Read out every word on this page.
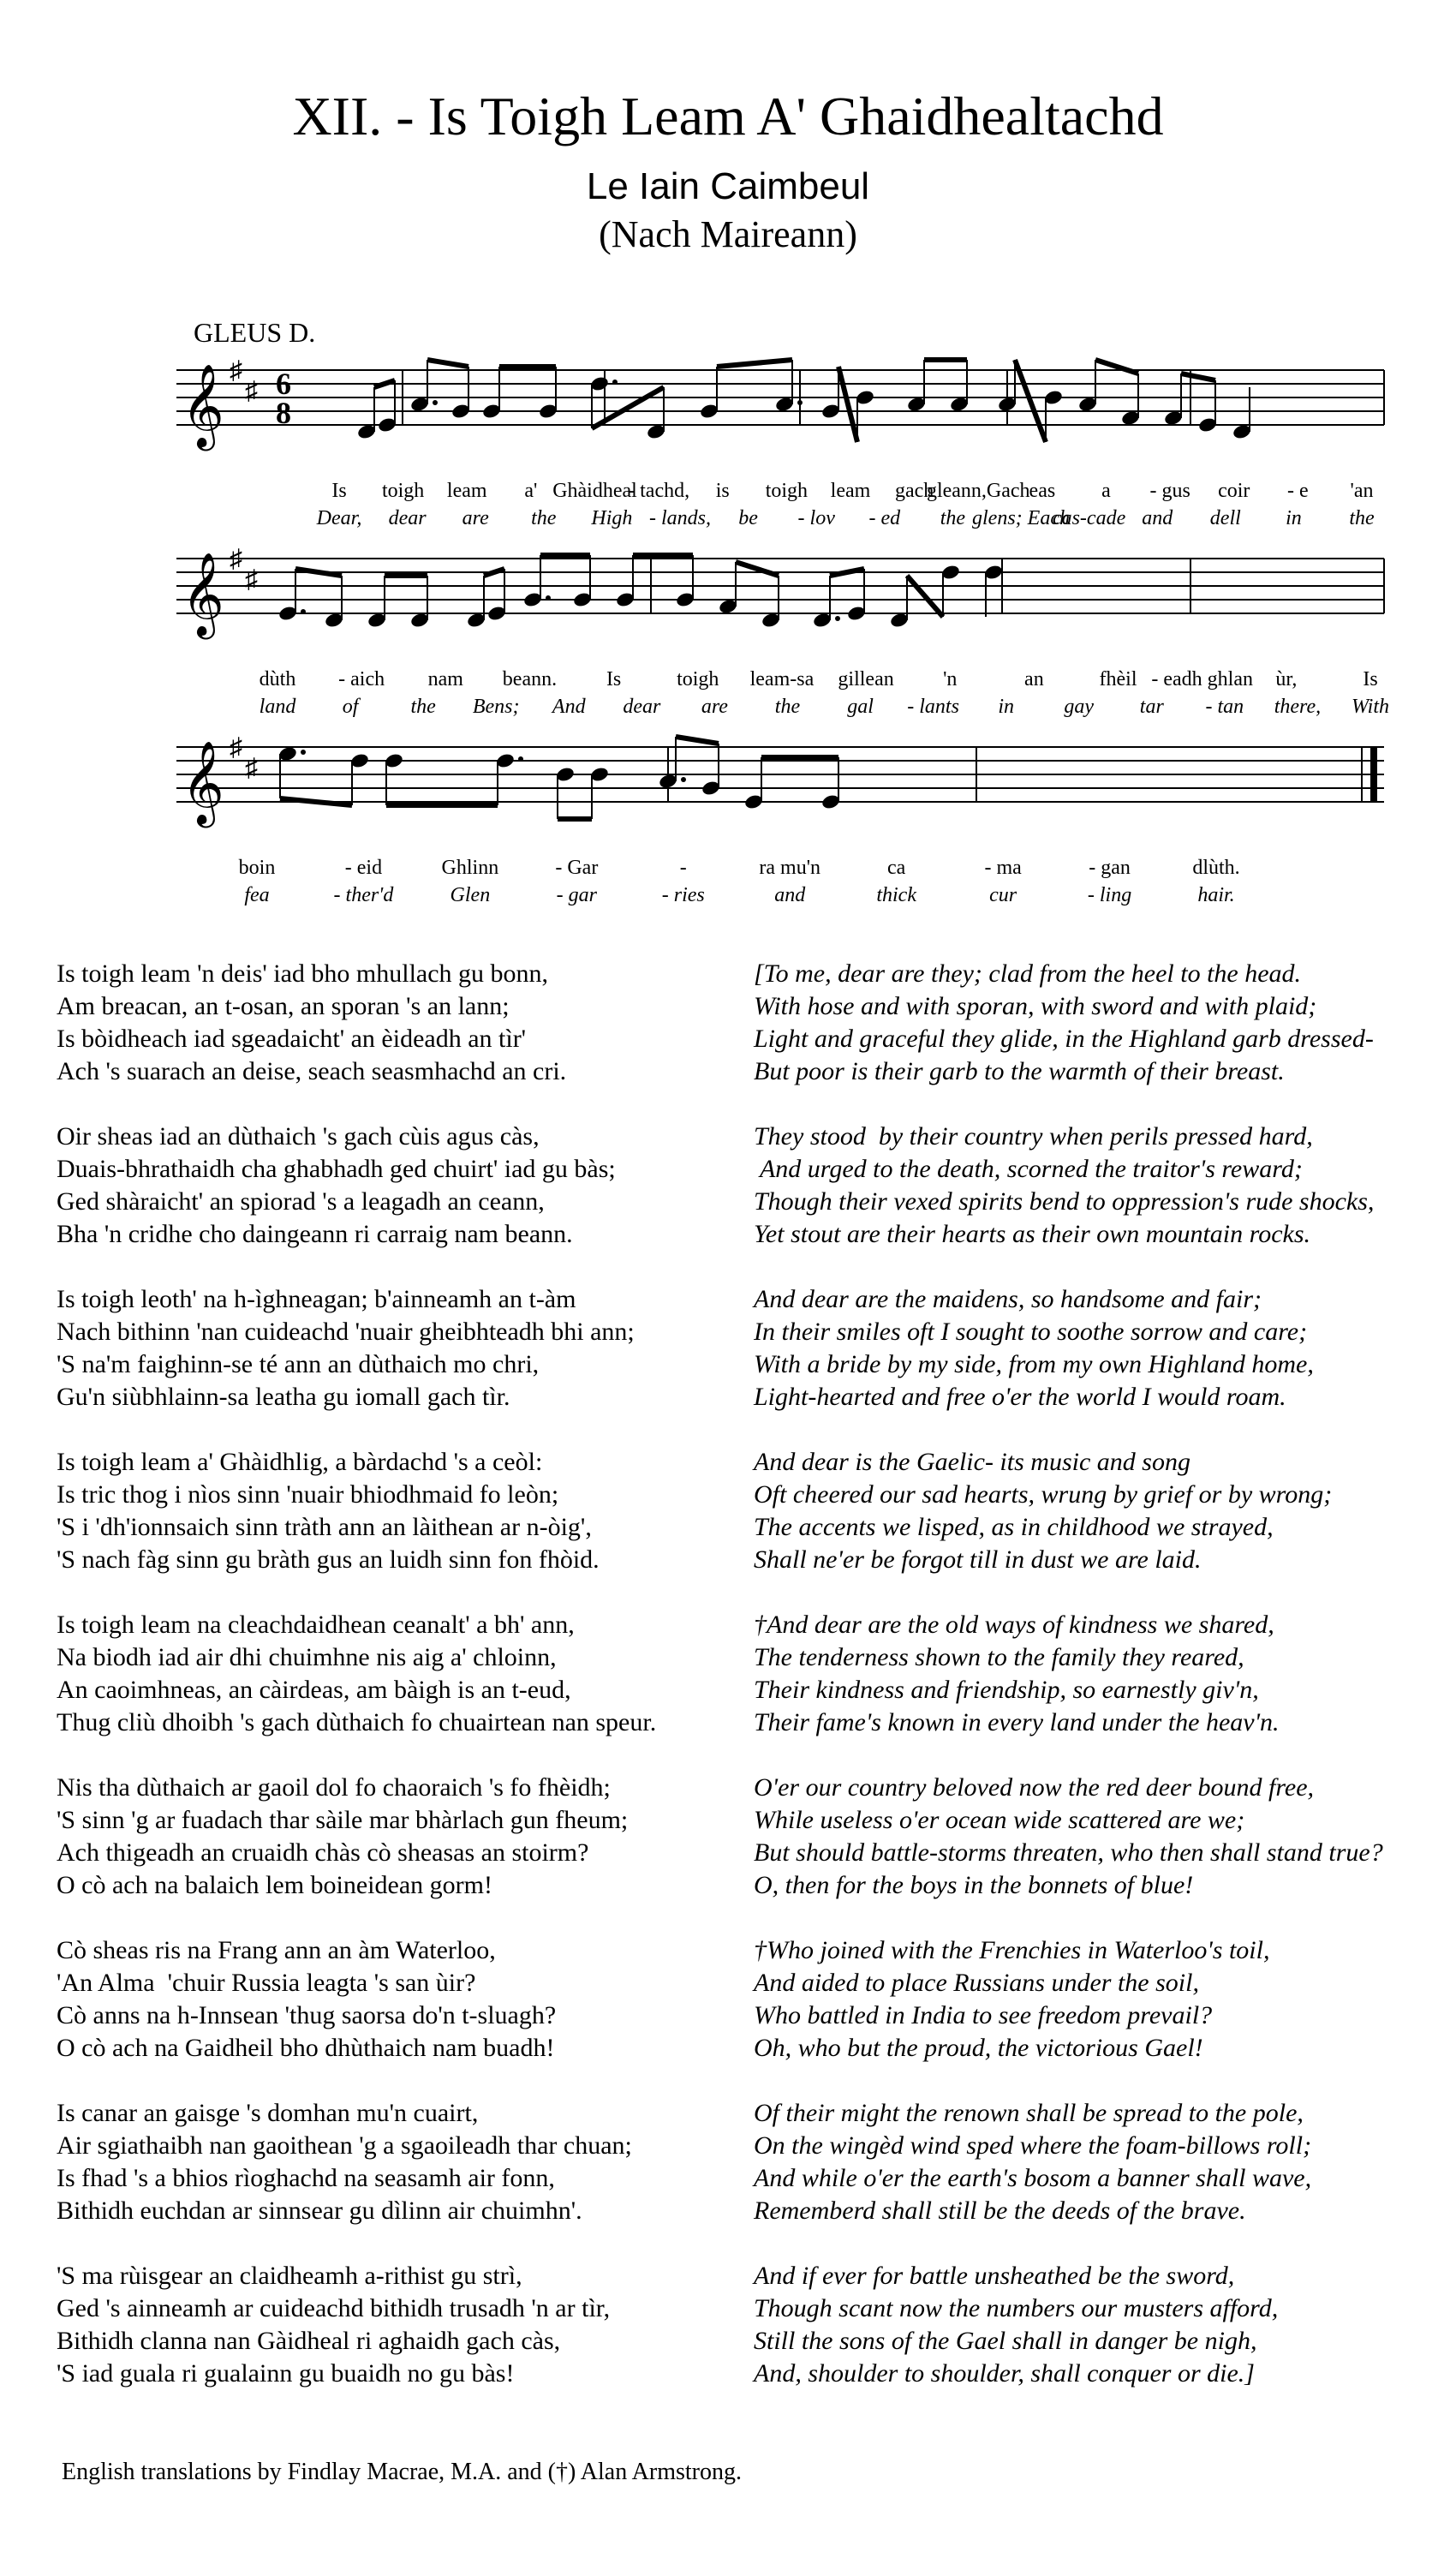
XII. - Is Toigh Leam A' Ghaidhealtachd
Le Iain Caimbeul
(Nach Maireann)
GLEUS D.
𝄞 ♯
♯ 6
8
𝄞 ♯
♯
𝄞 ♯
♯
Is toigh leam a' Ghàidheal
- tachd, is toigh leam gach
gleann,Gach
eas a - gus coir - e 'an
Dear, dear are the High - lands, be - lov - ed the glens; Each
cas-cade and dell in the
dùth - aich nam beann. Is	toigh leam-sa gillean 'n	an	fhèil - eadh ghlan ùr,	Is
land of	the Bens; And dear are the gal - lants in gay tar - tan there, With
boin	- eid	Ghlinn	- Gar	-	ra mu'n	ca	- ma	- gan	dlùth.
fea	- ther'd	Glen	- gar	- ries	and	thick	cur	- ling	hair.
Is toigh leam 'n deis' iad bho mhullach gu bonn,
Am breacan, an t-osan, an sporan 's an lann;
Is bòidheach iad sgeadaicht' an èideadh an tìr'
Ach 's suarach an deise, seach seasmhachd an cri.
Oir sheas iad an dùthaich 's gach cùis agus càs,
Duais-bhrathaidh cha ghabhadh ged chuirt' iad gu bàs;
Ged shàraicht' an spiorad 's a leagadh an ceann,
Bha 'n cridhe cho daingeann ri carraig nam beann.
Is toigh leoth' na h-ìghneagan; b'ainneamh an t-àm
Nach bithinn 'nan cuideachd 'nuair gheibhteadh bhi ann;
'S na'm faighinn-se té ann an dùthaich mo chri,
Gu'n siùbhlainn-sa leatha gu iomall gach tìr.
Is toigh leam a' Ghàidhlig, a bàrdachd 's a ceòl:
Is tric thog i nìos sinn 'nuair bhiodhmaid fo leòn;
'S i 'dh'ionnsaich sinn tràth ann an làithean ar n-òig',
'S nach fàg sinn gu bràth gus an luidh sinn fon fhòid.
Is toigh leam na cleachdaidhean ceanalt' a bh' ann,
Na biodh iad air dhi chuimhne nis aig a' chloinn,
An caoimhneas, an càirdeas, am bàigh is an t-eud,
Thug cliù dhoibh 's gach dùthaich fo chuairtean nan speur.
Nis tha dùthaich ar gaoil dol fo chaoraich 's fo fhèidh;
'S sinn 'g ar fuadach thar sàile mar bhàrlach gun fheum;
Ach thigeadh an cruaidh chàs cò sheasas an stoirm?
O cò ach na balaich lem boineidean gorm!
Cò sheas ris na Frang ann an àm Waterloo,
'An Alma  'chuir Russia leagta 's san ùir?
Cò anns na h-Innsean 'thug saorsa do'n t-sluagh?
O cò ach na Gaidheil bho dhùthaich nam buadh!
Is canar an gaisge 's domhan mu'n cuairt,
Air sgiathaibh nan gaoithean 'g a sgaoileadh thar chuan;
Is fhad 's a bhios rìoghachd na seasamh air fonn,
Bithidh euchdan ar sinnsear gu dìlinn air chuimhn'.
'S ma rùisgear an claidheamh a-rithist gu strì,
Ged 's ainneamh ar cuideachd bithidh trusadh 'n ar tìr,
Bithidh clanna nan Gàidheal ri aghaidh gach càs,
'S iad guala ri gualainn gu buaidh no gu bàs!
[To me, dear are they; clad from the heel to the head.
With hose and with sporan, with sword and with plaid;
Light and graceful they glide, in the Highland garb dressed-
But poor is their garb to the warmth of their breast.
They stood  by their country when perils pressed hard,
And urged to the death, scorned the traitor's reward;
Though their vexed spirits bend to oppression's rude shocks,
Yet stout are their hearts as their own mountain rocks.
And dear are the maidens, so handsome and fair;
In their smiles oft I sought to soothe sorrow and care;
With a bride by my side, from my own Highland home,
Light-hearted and free o'er the world I would roam.
And dear is the Gaelic- its music and song
Oft cheered our sad hearts, wrung by grief or by wrong;
The accents we lisped, as in childhood we strayed,
Shall ne'er be forgot till in dust we are laid.
†And dear are the old ways of kindness we shared,
The tenderness shown to the family they reared,
Their kindness and friendship, so earnestly giv'n,
Their fame's known in every land under the heav'n.
O'er our country beloved now the red deer bound free,
While useless o'er ocean wide scattered are we;
But should battle-storms threaten, who then shall stand true?
O, then for the boys in the bonnets of blue!
†Who joined with the Frenchies in Waterloo's toil,
And aided to place Russians under the soil,
Who battled in India to see freedom prevail?
Oh, who but the proud, the victorious Gael!
Of their might the renown shall be spread to the pole,
On the wingèd wind sped where the foam-billows roll;
And while o'er the earth's bosom a banner shall wave,
Rememberd shall still be the deeds of the brave.
And if ever for battle unsheathed be the sword,
Though scant now the numbers our musters afford,
Still the sons of the Gael shall in danger be nigh,
And, shoulder to shoulder, shall conquer or die.]
English translations by Findlay Macrae, M.A. and (†) Alan Armstrong.
